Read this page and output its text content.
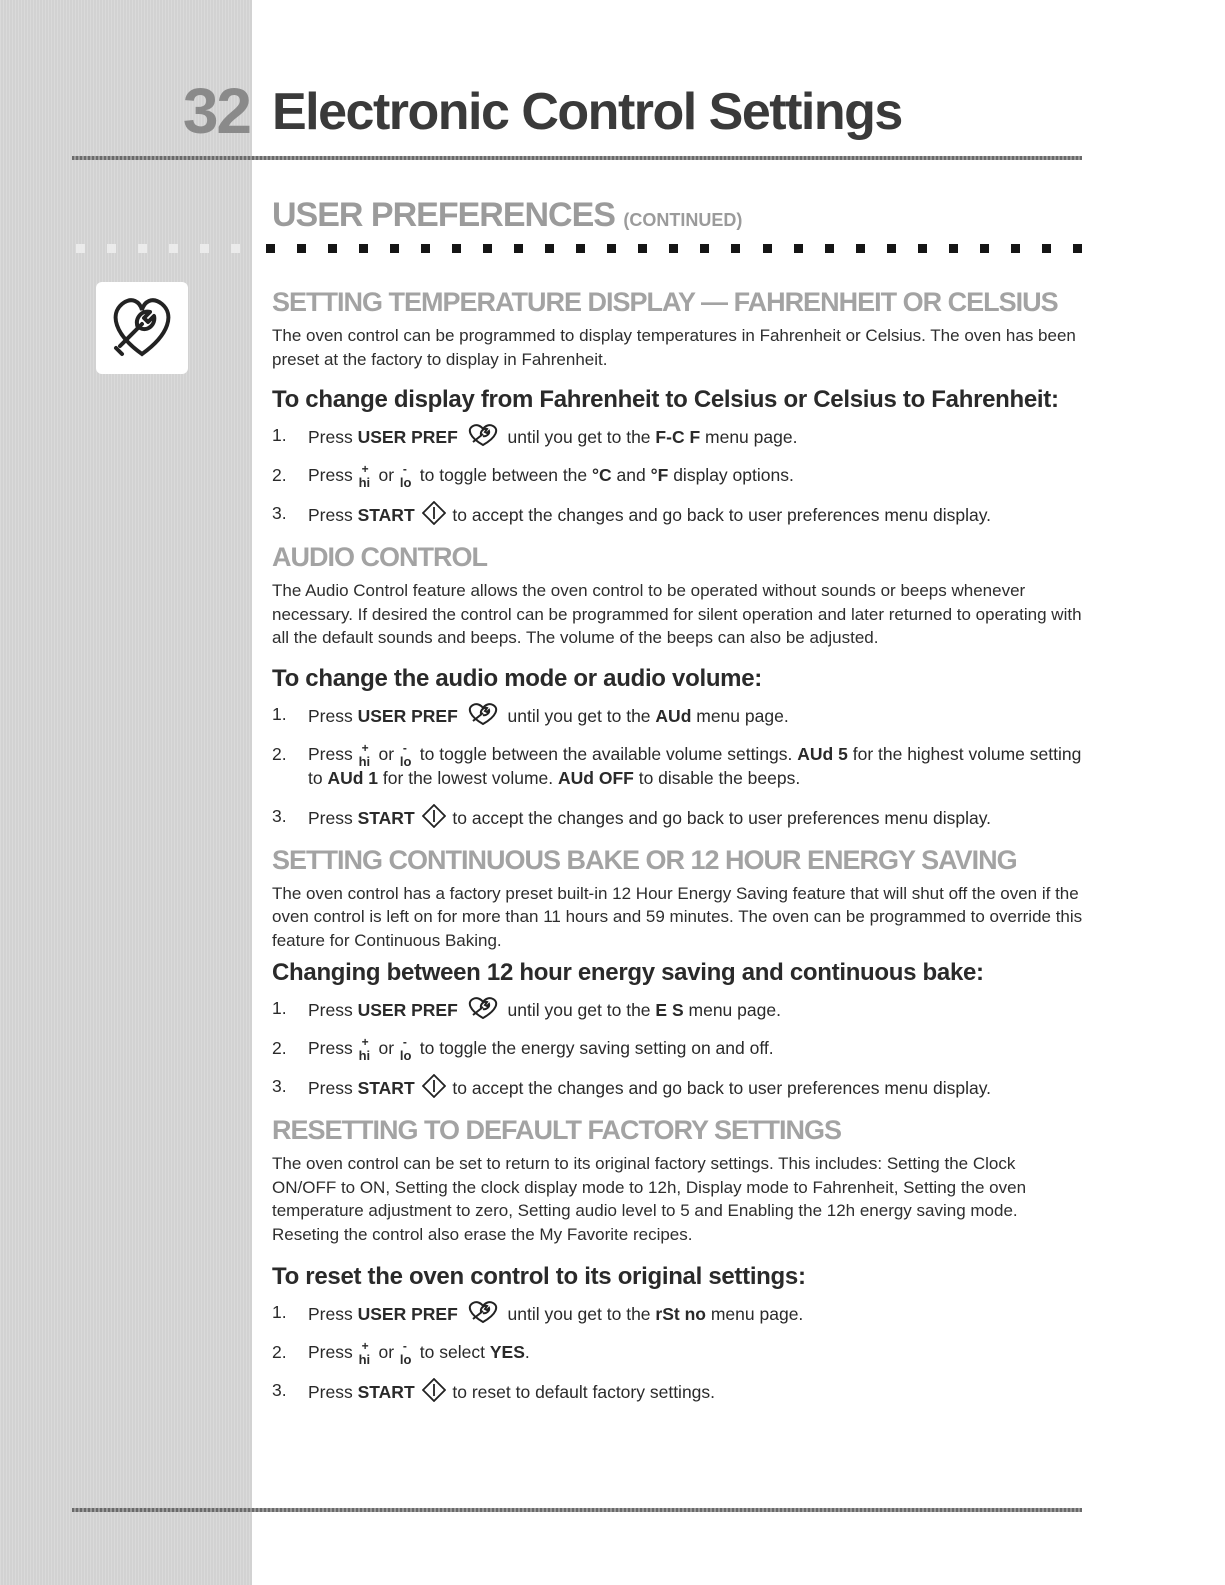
32 Electronic Control Settings
USER PREFERENCES (CONTINUED)
SETTING TEMPERATURE DISPLAY — FAHRENHEIT OR CELSIUS

The oven control can be programmed to display temperatures in Fahrenheit or Celsius. The oven has been preset at the factory to display in Fahrenheit.

To change display from Fahrenheit to Celsius or Celsius to Fahrenheit:
1.	Press USER PREF	until you get to the F-C F menu page.
2.	Press +
hi or -
lo to toggle between the °C and °F display options.
3.	Press START to accept the changes and go back to user preferences menu display.
AUDIO CONTROL

The Audio Control feature allows the oven control to be operated without sounds or beeps whenever necessary. If desired the control can be programmed for silent operation and later returned to operating with all the default sounds and beeps. The volume of the beeps can also be adjusted.

To change the audio mode or audio volume:
1.	Press USER PREF	until you get to the AUd menu page.
2.	Press +
hi or -
lo to toggle between the available volume settings. AUd 5 for the highest volume setting to AUd 1 for the lowest volume. AUd OFF to disable the beeps.
3.	Press START to accept the changes and go back to user preferences menu display.
SETTING CONTINUOUS BAKE OR 12 HOUR ENERGY SAVING

The oven control has a factory preset built-in 12 Hour Energy Saving feature that will shut off the oven if the oven control is left on for more than 11 hours and 59 minutes. The oven can be programmed to override this feature for Continuous Baking.

Changing between 12 hour energy saving and continuous bake:
1.	Press USER PREF	until you get to the E S menu page.
2.	Press +
hi or -
lo to toggle the energy saving setting on and off.
3.	Press START to accept the changes and go back to user preferences menu display.
RESETTING TO DEFAULT FACTORY SETTINGS

The oven control can be set to return to its original factory settings. This includes: Setting the Clock ON/OFF to ON, Setting the clock display mode to 12h, Display mode to Fahrenheit, Setting the oven temperature adjustment to zero, Setting audio level to 5 and Enabling the 12h energy saving mode. Reseting the control also erase the My Favorite recipes.

To reset the oven control to its original settings:
1.	Press USER PREF	until you get to the rSt no menu page.
2.	Press +
hi or -
lo to select YES.
3.	Press START to reset to default factory settings.
